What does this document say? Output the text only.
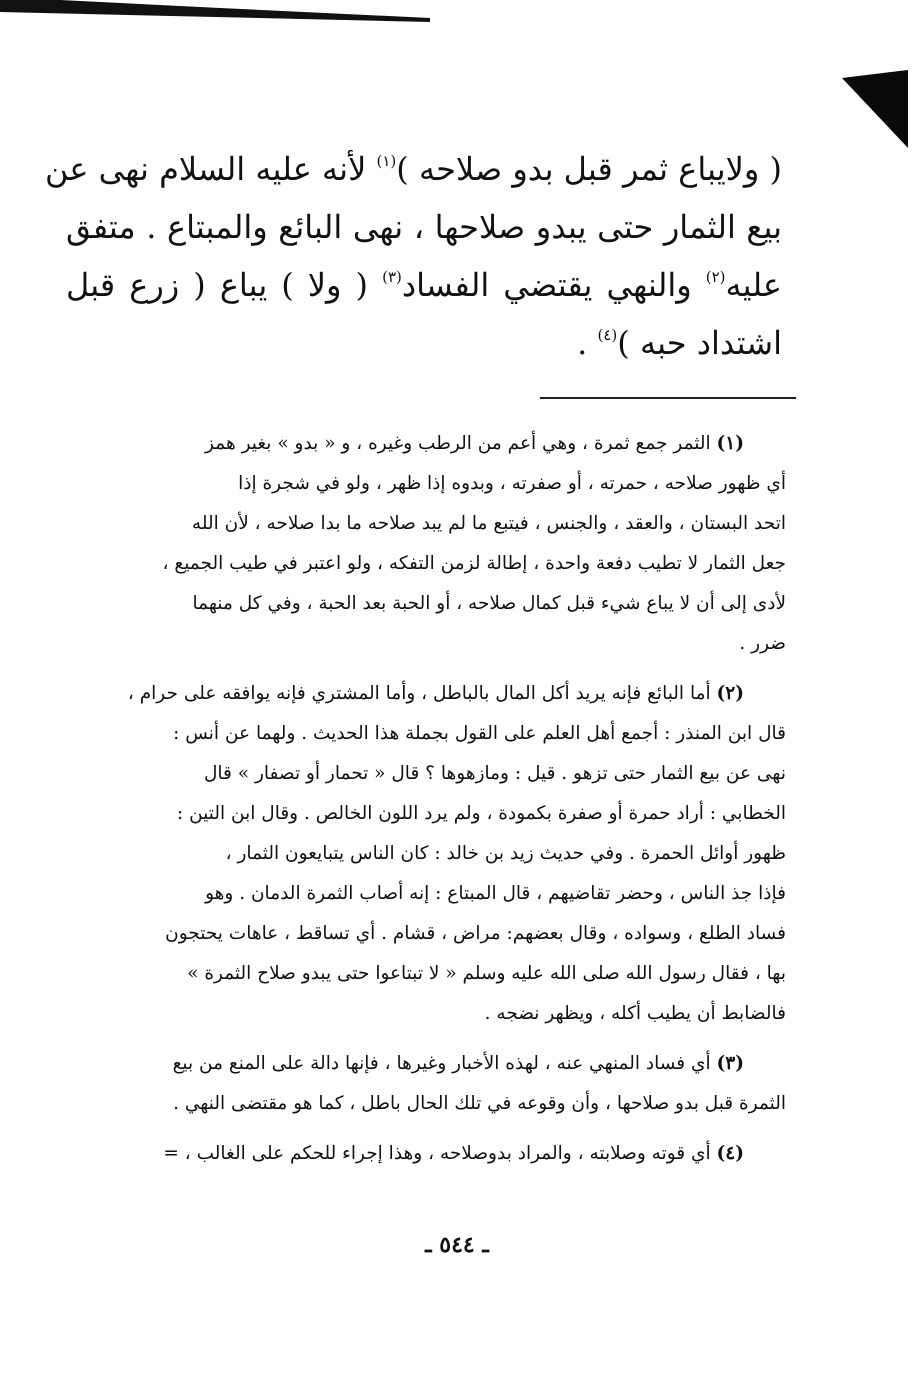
( ولايباع ثمر قبل بدو صلاحه )$^{(١)}$ لأنه عليه السلام نهى عن
بيع الثمار حتى يبدو صلاحها ، نهى البائع والمبتاع . متفق
عليه$^{(٢)}$ والنهي يقتضي الفساد$^{(٣)}$ ( ولا ) يباع ( زرع قبل
اشتداد حبه )$^{(٤)}$ .
(١) الثمر جمع ثمرة ، وهي أعم من الرطب وغيره ، و « بدو » بغير همز
أي ظهور صلاحه ، حمرته ، أو صفرته ، وبدوه إذا ظهر ، ولو في شجرة إذا
اتحد البستان ، والعقد ، والجنس ، فيتبع ما لم يبد صلاحه ما بدا صلاحه ، لأن الله
جعل الثمار لا تطيب دفعة واحدة ، إطالة لزمن التفكه ، ولو اعتبر في طيب الجميع ،
لأدى إلى أن لا يباع شيء قبل كمال صلاحه ، أو الحبة بعد الحبة ، وفي كل منهما
ضرر .
(٢) أما البائع فإنه يريد أكل المال بالباطل ، وأما المشتري فإنه يوافقه على حرام ،
قال ابن المنذر : أجمع أهل العلم على القول بجملة هذا الحديث . ولهما عن أنس :
نهى عن بيع الثمار حتى تزهو . قيل : ومازهوها ؟ قال « تحمار أو تصفار » قال
الخطابي : أراد حمرة أو صفرة بكمودة ، ولم يرد اللون الخالص . وقال ابن التين :
ظهور أوائل الحمرة . وفي حديث زيد بن خالد : كان الناس يتبايعون الثمار ،
فإذا جذ الناس ، وحضر تقاضيهم ، قال المبتاع : إنه أصاب الثمرة الدمان . وهو
فساد الطلع ، وسواده ، وقال بعضهم: مراض ، قشام . أي تساقط ، عاهات يحتجون
بها ، فقال رسول الله صلى الله عليه وسلم « لا تبتاعوا حتى يبدو صلاح الثمرة »
فالضابط أن يطيب أكله ، ويظهر نضجه .
(٣) أي فساد المنهي عنه ، لهذه الأخبار وغيرها ، فإنها دالة على المنع من بيع
الثمرة قبل بدو صلاحها ، وأن وقوعه في تلك الحال باطل ، كما هو مقتضى النهي .
(٤) أي قوته وصلابته ، والمراد بدوصلاحه ، وهذا إجراء للحكم على الغالب ، =
ـ ٥٤٤ ـ
